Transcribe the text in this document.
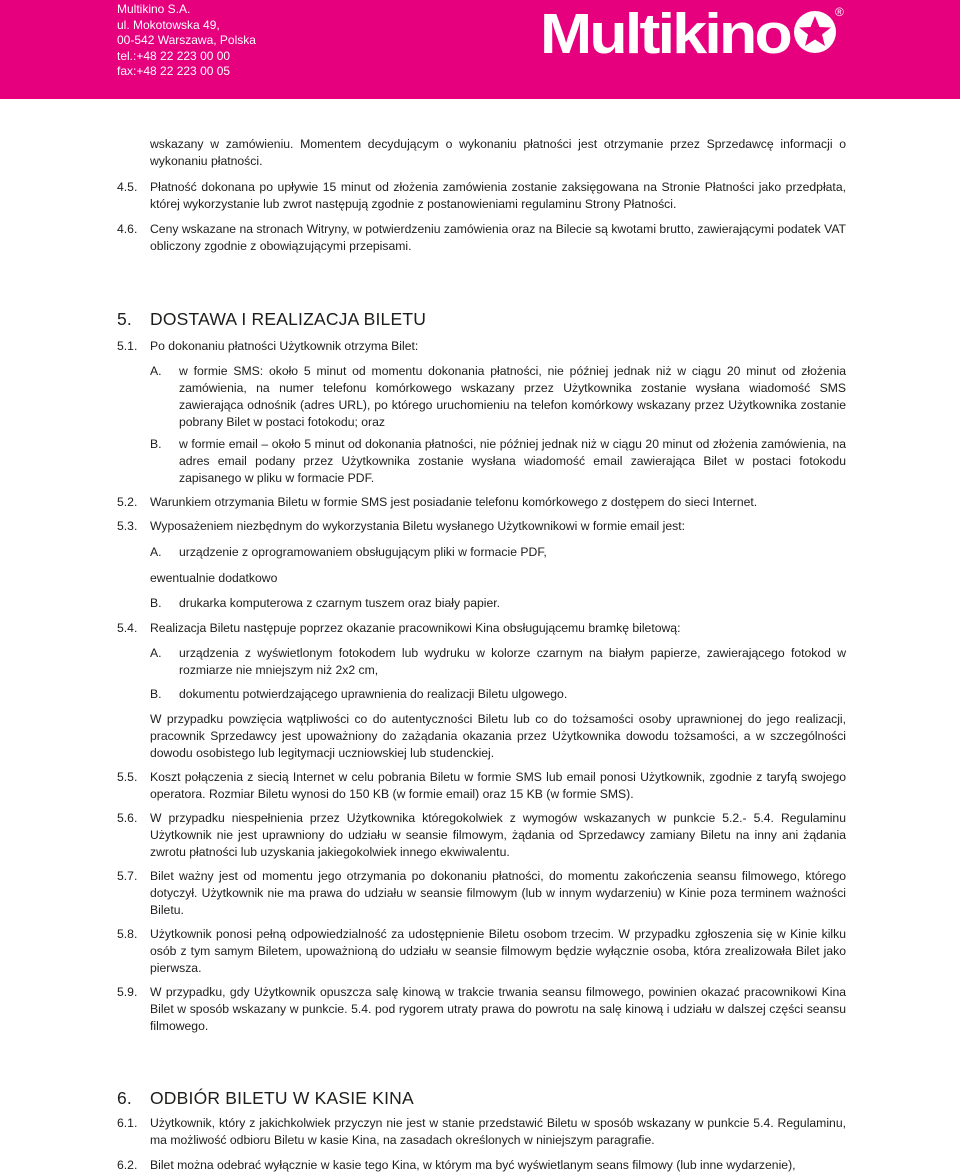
Multikino S.A.
ul. Mokotowska 49,
00-542 Warszawa, Polska
tel.:+48 22 223 00 00
fax:+48 22 223 00 05
Multikino	®
wskazany w zamówieniu. Momentem decydującym o wykonaniu płatności jest otrzymanie przez Sprzedawcę informacji o wykonaniu płatności.
4.5. Płatność dokonana po upływie 15 minut od złożenia zamówienia zostanie zaksięgowana na Stronie Płatności jako przedpłata, której wykorzystanie lub zwrot następują zgodnie z postanowieniami regulaminu Strony Płatności.
4.6. Ceny wskazane na stronach Witryny, w potwierdzeniu zamówienia oraz na Bilecie są kwotami brutto, zawierającymi podatek VAT obliczony zgodnie z obowiązującymi przepisami.
5. DOSTAWA I REALIZACJA BILETU
5.1. Po dokonaniu płatności Użytkownik otrzyma Bilet:
A. w formie SMS: około 5 minut od momentu dokonania płatności, nie później jednak niż w ciągu 20 minut od złożenia zamówienia, na numer telefonu komórkowego wskazany przez Użytkownika zostanie wysłana wiadomość SMS zawierająca odnośnik (adres URL), po którego uruchomieniu na telefon komórkowy wskazany przez Użytkownika zostanie pobrany Bilet w postaci fotokodu; oraz
B. w formie email – około 5 minut od dokonania płatności, nie później jednak niż w ciągu 20 minut od złożenia zamówienia, na adres email podany przez Użytkownika zostanie wysłana wiadomość email zawierająca Bilet w postaci fotokodu zapisanego w pliku w formacie PDF.
5.2. Warunkiem otrzymania Biletu w formie SMS jest posiadanie telefonu komórkowego z dostępem do sieci Internet.
5.3. Wyposażeniem niezbędnym do wykorzystania Biletu wysłanego Użytkownikowi w formie email jest:
A. urządzenie z oprogramowaniem obsługującym pliki w formacie PDF,
ewentualnie dodatkowo
B. drukarka komputerowa z czarnym tuszem oraz biały papier.
5.4. Realizacja Biletu następuje poprzez okazanie pracownikowi Kina obsługującemu bramkę biletową:
A. urządzenia z wyświetlonym fotokodem lub wydruku w kolorze czarnym na białym papierze, zawierającego fotokod w rozmiarze nie mniejszym niż 2x2 cm,
B. dokumentu potwierdzającego uprawnienia do realizacji Biletu ulgowego.
W przypadku powzięcia wątpliwości co do autentyczności Biletu lub co do tożsamości osoby uprawnionej do jego realizacji, pracownik Sprzedawcy jest upoważniony do zażądania okazania przez Użytkownika dowodu tożsamości, a w szczególności dowodu osobistego lub legitymacji uczniowskiej lub studenckiej.
5.5. Koszt połączenia z siecią Internet w celu pobrania Biletu w formie SMS lub email ponosi Użytkownik, zgodnie z taryfą swojego operatora. Rozmiar Biletu wynosi do 150 KB (w formie email) oraz 15 KB (w formie SMS).
5.6. W przypadku niespełnienia przez Użytkownika któregokolwiek z wymogów wskazanych w punkcie 5.2.- 5.4. Regulaminu Użytkownik nie jest uprawniony do udziału w seansie filmowym, żądania od Sprzedawcy zamiany Biletu na inny ani żądania zwrotu płatności lub uzyskania jakiegokolwiek innego ekwiwalentu.
5.7. Bilet ważny jest od momentu jego otrzymania po dokonaniu płatności, do momentu zakończenia seansu filmowego, którego dotyczył. Użytkownik nie ma prawa do udziału w seansie filmowym (lub w innym wydarzeniu) w Kinie poza terminem ważności Biletu.
5.8. Użytkownik ponosi pełną odpowiedzialność za udostępnienie Biletu osobom trzecim. W przypadku zgłoszenia się w Kinie kilku osób z tym samym Biletem, upoważnioną do udziału w seansie filmowym będzie wyłącznie osoba, która zrealizowała Bilet jako pierwsza.
5.9. W przypadku, gdy Użytkownik opuszcza salę kinową w trakcie trwania seansu filmowego, powinien okazać pracownikowi Kina Bilet w sposób wskazany w punkcie. 5.4. pod rygorem utraty prawa do powrotu na salę kinową i udziału w dalszej części seansu filmowego.
6. ODBIÓR BILETU W KASIE KINA
6.1. Użytkownik, który z jakichkolwiek przyczyn nie jest w stanie przedstawić Biletu w sposób wskazany w punkcie 5.4. Regulaminu, ma możliwość odbioru Biletu w kasie Kina, na zasadach określonych w niniejszym paragrafie.
6.2. Bilet można odebrać wyłącznie w kasie tego Kina, w którym ma być wyświetlanym seans filmowy (lub inne wydarzenie),
